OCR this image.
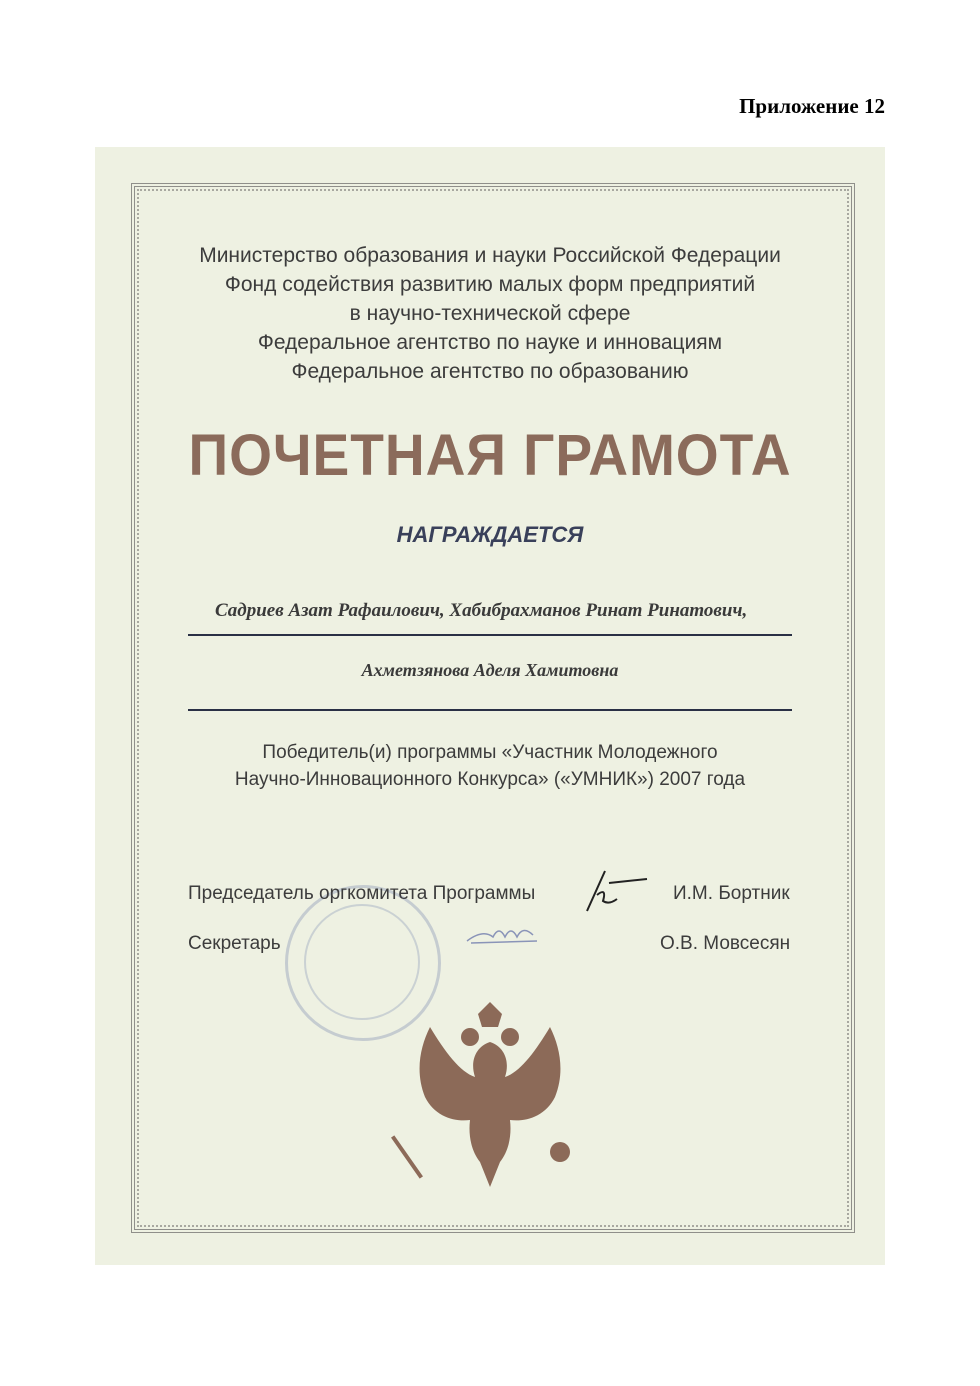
Приложение 12
Министерство образования и науки Российской Федерации
Фонд содействия развитию малых форм предприятий
в научно-технической сфере
Федеральное агентство по науке и инновациям
Федеральное агентство по образованию
ПОЧЕТНАЯ ГРАМОТА
НАГРАЖДАЕТСЯ
Садриев Азат Рафаилович, Хабибрахманов Ринат Ринатович,
Ахметзянова Аделя Хамитовна
Победитель(и) программы «Участник Молодежного
Научно-Инновационного Конкурса» («УМНИК») 2007 года
Председатель оргкомитета Программы	И.М. Бортник
Секретарь	О.В. Мовсесян
